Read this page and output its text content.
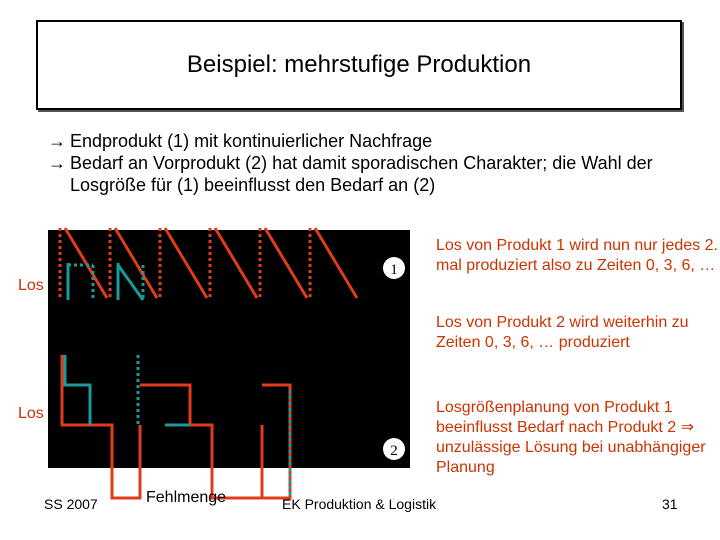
Beispiel: mehrstufige Produktion
→ Endprodukt (1) mit kontinuierlicher Nachfrage
→ Bedarf an Vorprodukt (2) hat damit sporadischen Charakter; die Wahl der Losgröße für (1) beeinflusst den Bedarf an (2)
1
2
Los
Los
Los von Produkt 1 wird nun nur jedes 2. mal produziert also zu Zeiten 0, 3, 6, …
Los von Produkt 2 wird weiterhin zu Zeiten 0, 3, 6, … produziert
Losgrößenplanung von Produkt 1 beeinflusst Bedarf nach Produkt 2 ⇒ unzulässige Lösung bei unabhängiger Planung
Fehlmenge
SS 2007	EK Produktion & Logistik	31
